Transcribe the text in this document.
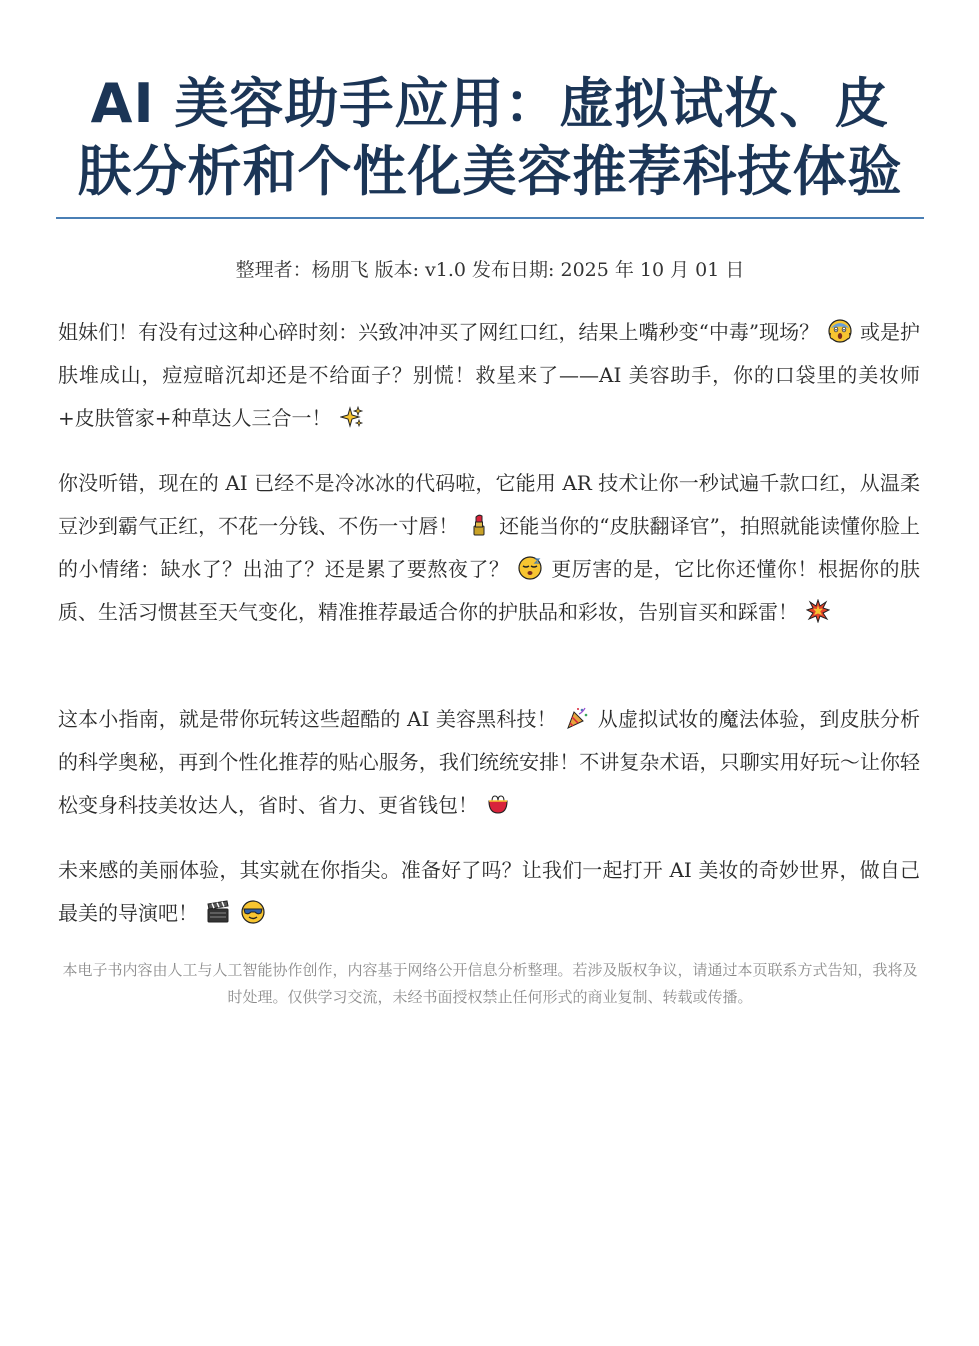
AI 美容助手应用：虚拟试妆、皮
肤分析和个性化美容推荐科技体验
整理者：杨朋飞 版本: v1.0 发布日期: 2025 年 10 月 01 日

姐妹们！有没有过这种心碎时刻：兴致冲冲买了网红口红，结果上嘴秒变“中毒”现场？ 或是护肤堆成山，痘痘暗沉却还是不给面子？别慌！救星来了——AI 美容助手，你的口袋里的美妆师+皮肤管家+种草达人三合一！

你没听错，现在的 AI 已经不是冷冰冰的代码啦，它能用 AR 技术让你一秒试遍千款口红，从温柔豆沙到霸气正红，不花一分钱、不伤一寸唇！ 还能当你的“皮肤翻译官”，拍照就能读懂你脸上的小情绪：缺水了？出油了？还是累了要熬夜了？ 更厉害的是，它比你还懂你！根据你的肤质、生活习惯甚至天气变化，精准推荐最适合你的护肤品和彩妆，告别盲买和踩雷！

这本小指南，就是带你玩转这些超酷的 AI 美容黑科技！ 从虚拟试妆的魔法体验，到皮肤分析的科学奥秘，再到个性化推荐的贴心服务，我们统统安排！不讲复杂术语，只聊实用好玩～让你轻松变身科技美妆达人，省时、省力、更省钱包！

未来感的美丽体验，其实就在你指尖。准备好了吗？让我们一起打开 AI 美妆的奇妙世界，做自己最美的导演吧！

本电子书内容由人工与人工智能协作创作，内容基于网络公开信息分析整理。若涉及版权争议，请通过本页联系方式告知，我将及时处理。仅供学习交流，未经书面授权禁止任何形式的商业复制、转载或传播。
